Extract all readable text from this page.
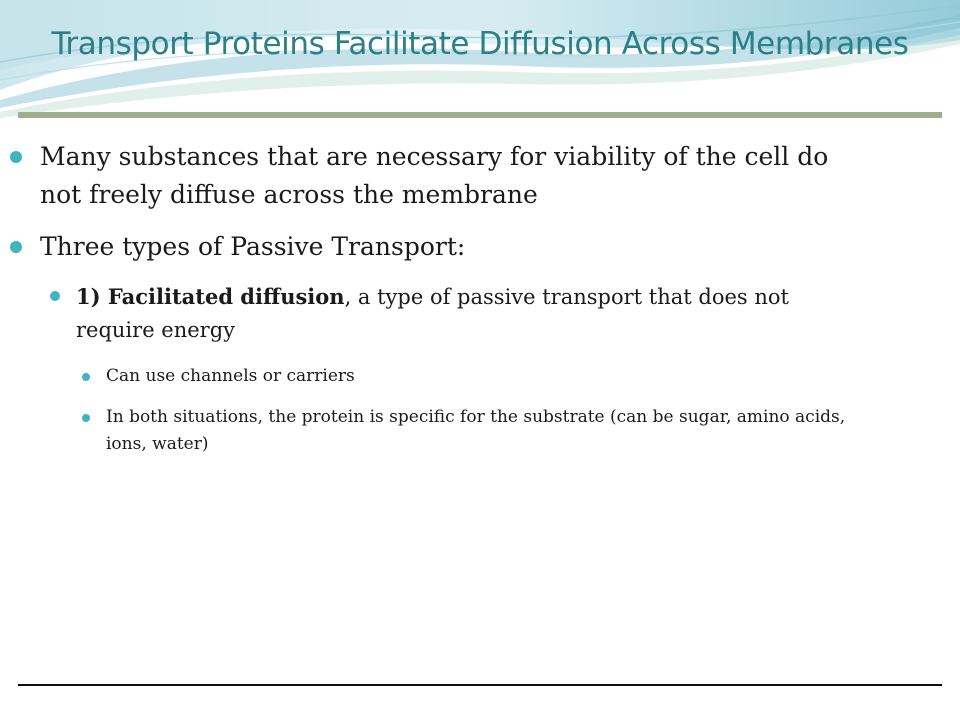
Transport Proteins Facilitate Diffusion Across Membranes
Many substances that are necessary for viability of the cell do not freely diffuse across the membrane
Three types of Passive Transport:
1) Facilitated diffusion, a type of passive transport that does not require energy
Can use channels or carriers
In both situations, the protein is specific for the substrate (can be sugar, amino acids, ions, water)
